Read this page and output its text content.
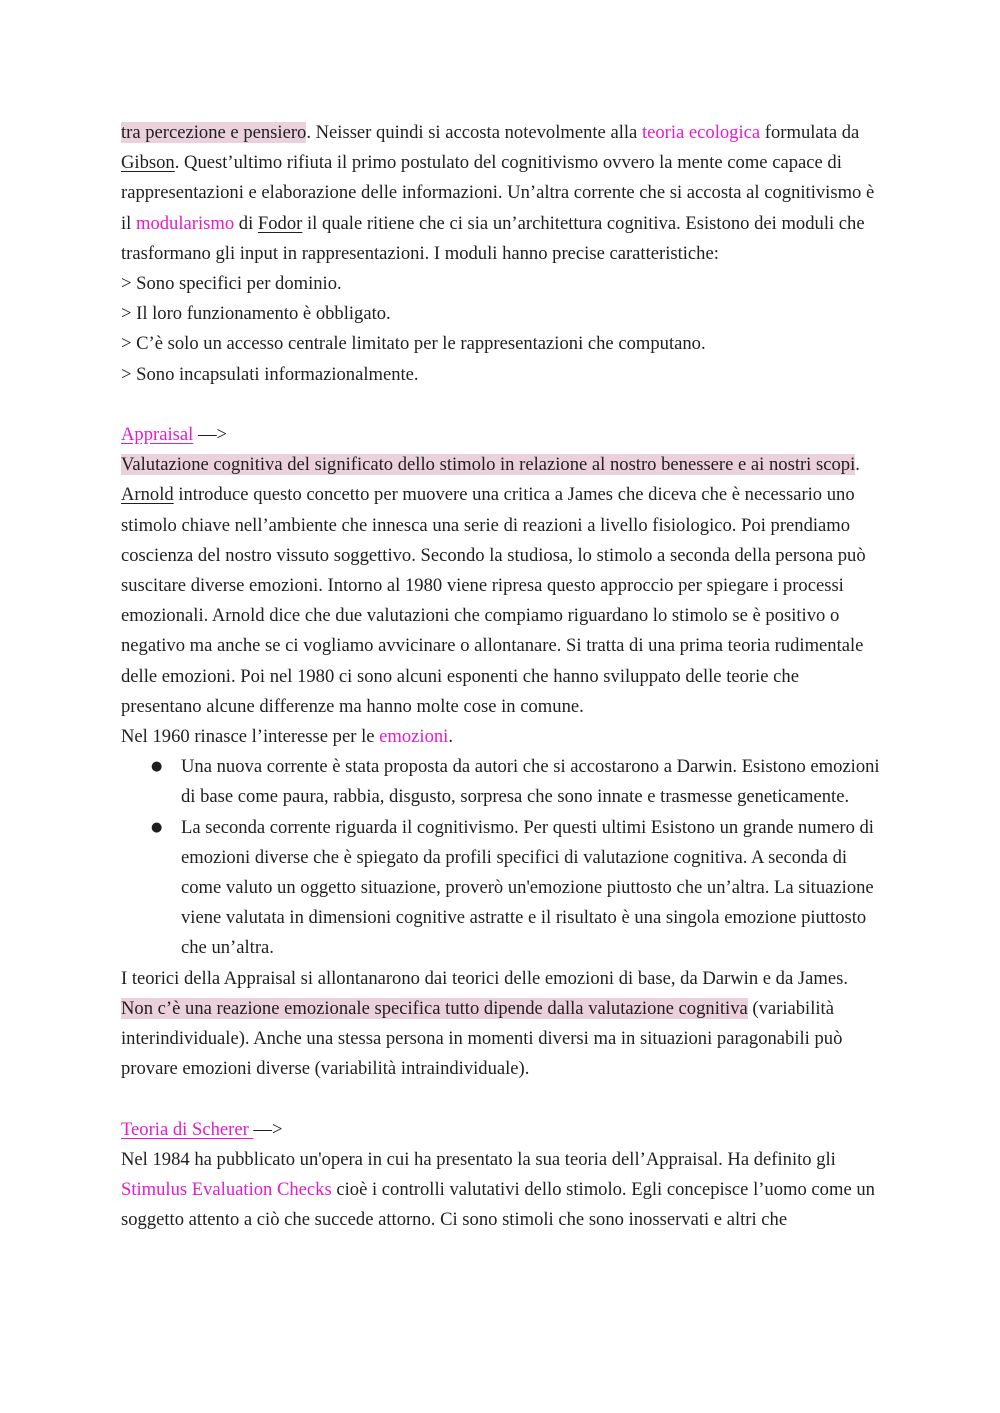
tra percezione e pensiero. Neisser quindi si accosta notevolmente alla teoria ecologica formulata da Gibson. Quest’ultimo rifiuta il primo postulato del cognitivismo ovvero la mente come capace di rappresentazioni e elaborazione delle informazioni. Un’altra corrente che si accosta al cognitivismo è il modularismo di Fodor il quale ritiene che ci sia un’architettura cognitiva. Esistono dei moduli che trasformano gli input in rappresentazioni. I moduli hanno precise caratteristiche:

> Sono specifici per dominio.

> Il loro funzionamento è obbligato.

> C’è solo un accesso centrale limitato per le rappresentazioni che computano.

> Sono incapsulati informazionalmente.

Appraisal —>

Valutazione cognitiva del significato dello stimolo in relazione al nostro benessere e ai nostri scopi.

Arnold introduce questo concetto per muovere una critica a James che diceva che è necessario uno stimolo chiave nell’ambiente che innesca una serie di reazioni a livello fisiologico. Poi prendiamo coscienza del nostro vissuto soggettivo. Secondo la studiosa, lo stimolo a seconda della persona può suscitare diverse emozioni. Intorno al 1980 viene ripresa questo approccio per spiegare i processi emozionali. Arnold dice che due valutazioni che compiamo riguardano lo stimolo se è positivo o negativo ma anche se ci vogliamo avvicinare o allontanare. Si tratta di una prima teoria rudimentale delle emozioni. Poi nel 1980 ci sono alcuni esponenti che hanno sviluppato delle teorie che presentano alcune differenze ma hanno molte cose in comune.

Nel 1960 rinasce l’interesse per le emozioni.

● Una nuova corrente è stata proposta da autori che si accostarono a Darwin. Esistono emozioni di base come paura, rabbia, disgusto, sorpresa che sono innate e trasmesse geneticamente.
● La seconda corrente riguarda il cognitivismo. Per questi ultimi Esistono un grande numero di emozioni diverse che è spiegato da profili specifici di valutazione cognitiva. A seconda di come valuto un oggetto situazione, proverò un'emozione piuttosto che un’altra. La situazione viene valutata in dimensioni cognitive astratte e il risultato è una singola emozione piuttosto che un’altra.

I teorici della Appraisal si allontanarono dai teorici delle emozioni di base, da Darwin e da James.

Non c’è una reazione emozionale specifica tutto dipende dalla valutazione cognitiva (variabilità interindividuale). Anche una stessa persona in momenti diversi ma in situazioni paragonabili può provare emozioni diverse (variabilità intraindividuale).

Teoria di Scherer —>

Nel 1984 ha pubblicato un'opera in cui ha presentato la sua teoria dell’Appraisal. Ha definito gli Stimulus Evaluation Checks cioè i controlli valutativi dello stimolo. Egli concepisce l’uomo come un soggetto attento a ciò che succede attorno. Ci sono stimoli che sono inosservati e altri che
